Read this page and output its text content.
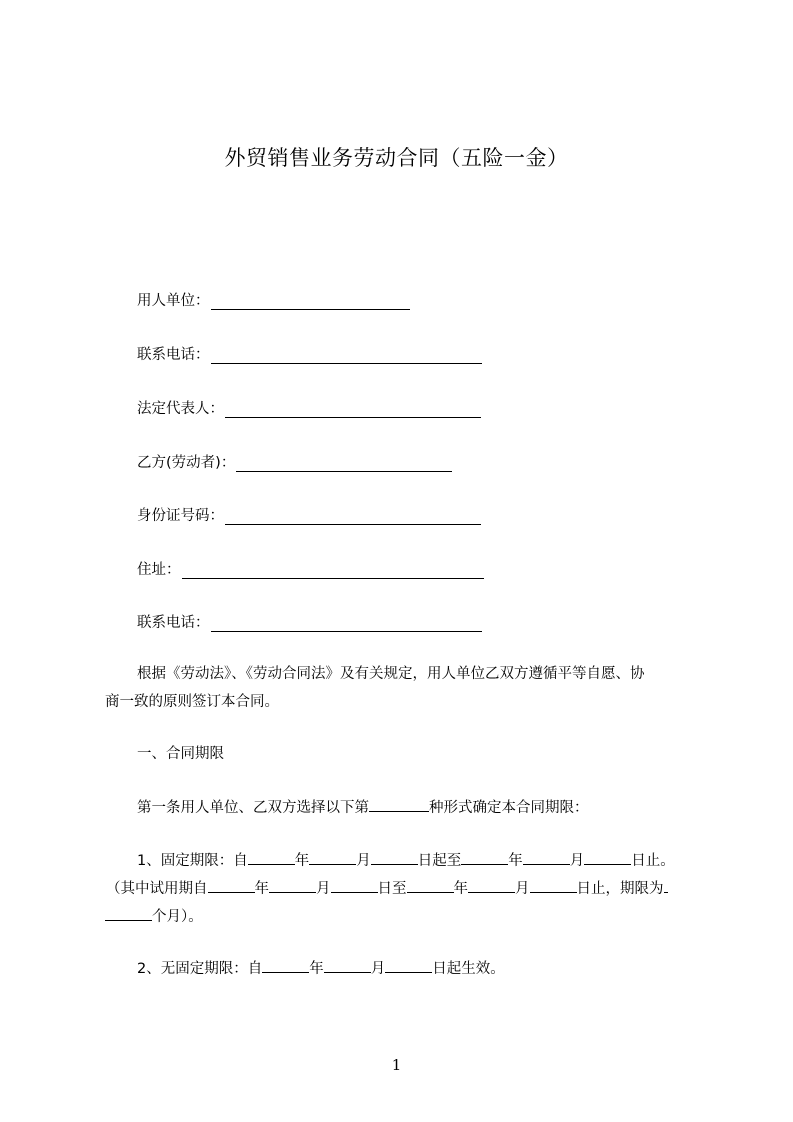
外贸销售业务劳动合同（五险一金）
用人单位：
联系电话：
法定代表人：
乙方(劳动者)：
身份证号码：
住址：
联系电话：
根据《劳动法》、《劳动合同法》及有关规定，用人单位乙双方遵循平等自愿、协
商一致的原则签订本合同。
一、合同期限
第一条用人单位、乙双方选择以下第	种形式确定本合同期限：
1、固定期限：自	年	月	日起至	年	月	日止。
（其中试用期自	年	月	日至	年	月	日止，期限为
个月）。
2、无固定期限：自	年	月	日起生效。
1
